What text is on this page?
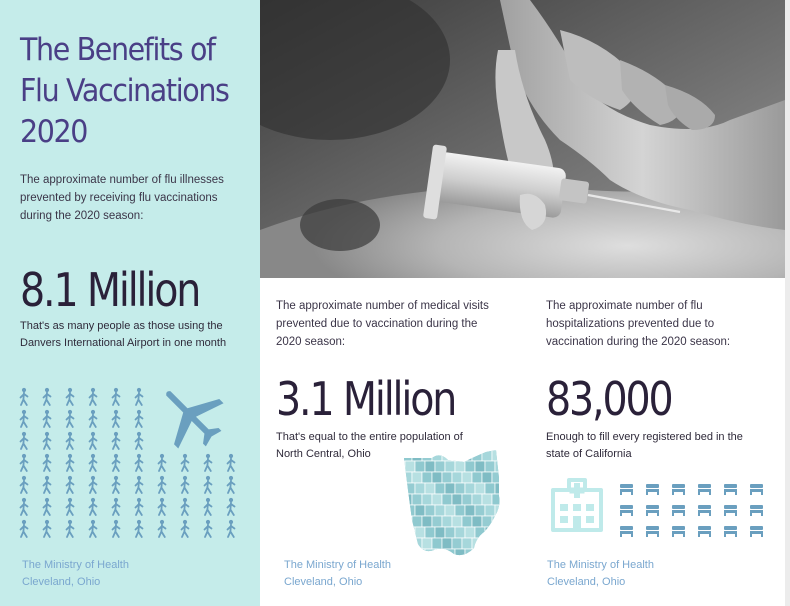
The Benefits of Flu Vaccinations 2020

The approximate number of flu illnesses prevented by receiving flu vaccinations during the 2020 season:

8.1 Million

That's as many people as those using the Danvers International Airport in one month

The Ministry of Health
Cleveland, Ohio

The approximate number of medical visits prevented due to vaccination during the 2020 season:

3.1 Million

That's equal to the entire population of North Central, Ohio

The Ministry of Health
Cleveland, Ohio

The approximate number of flu hospitalizations prevented due to vaccination during the 2020 season:

83,000

Enough to fill every registered bed in the state of California

The Ministry of Health
Cleveland, Ohio
